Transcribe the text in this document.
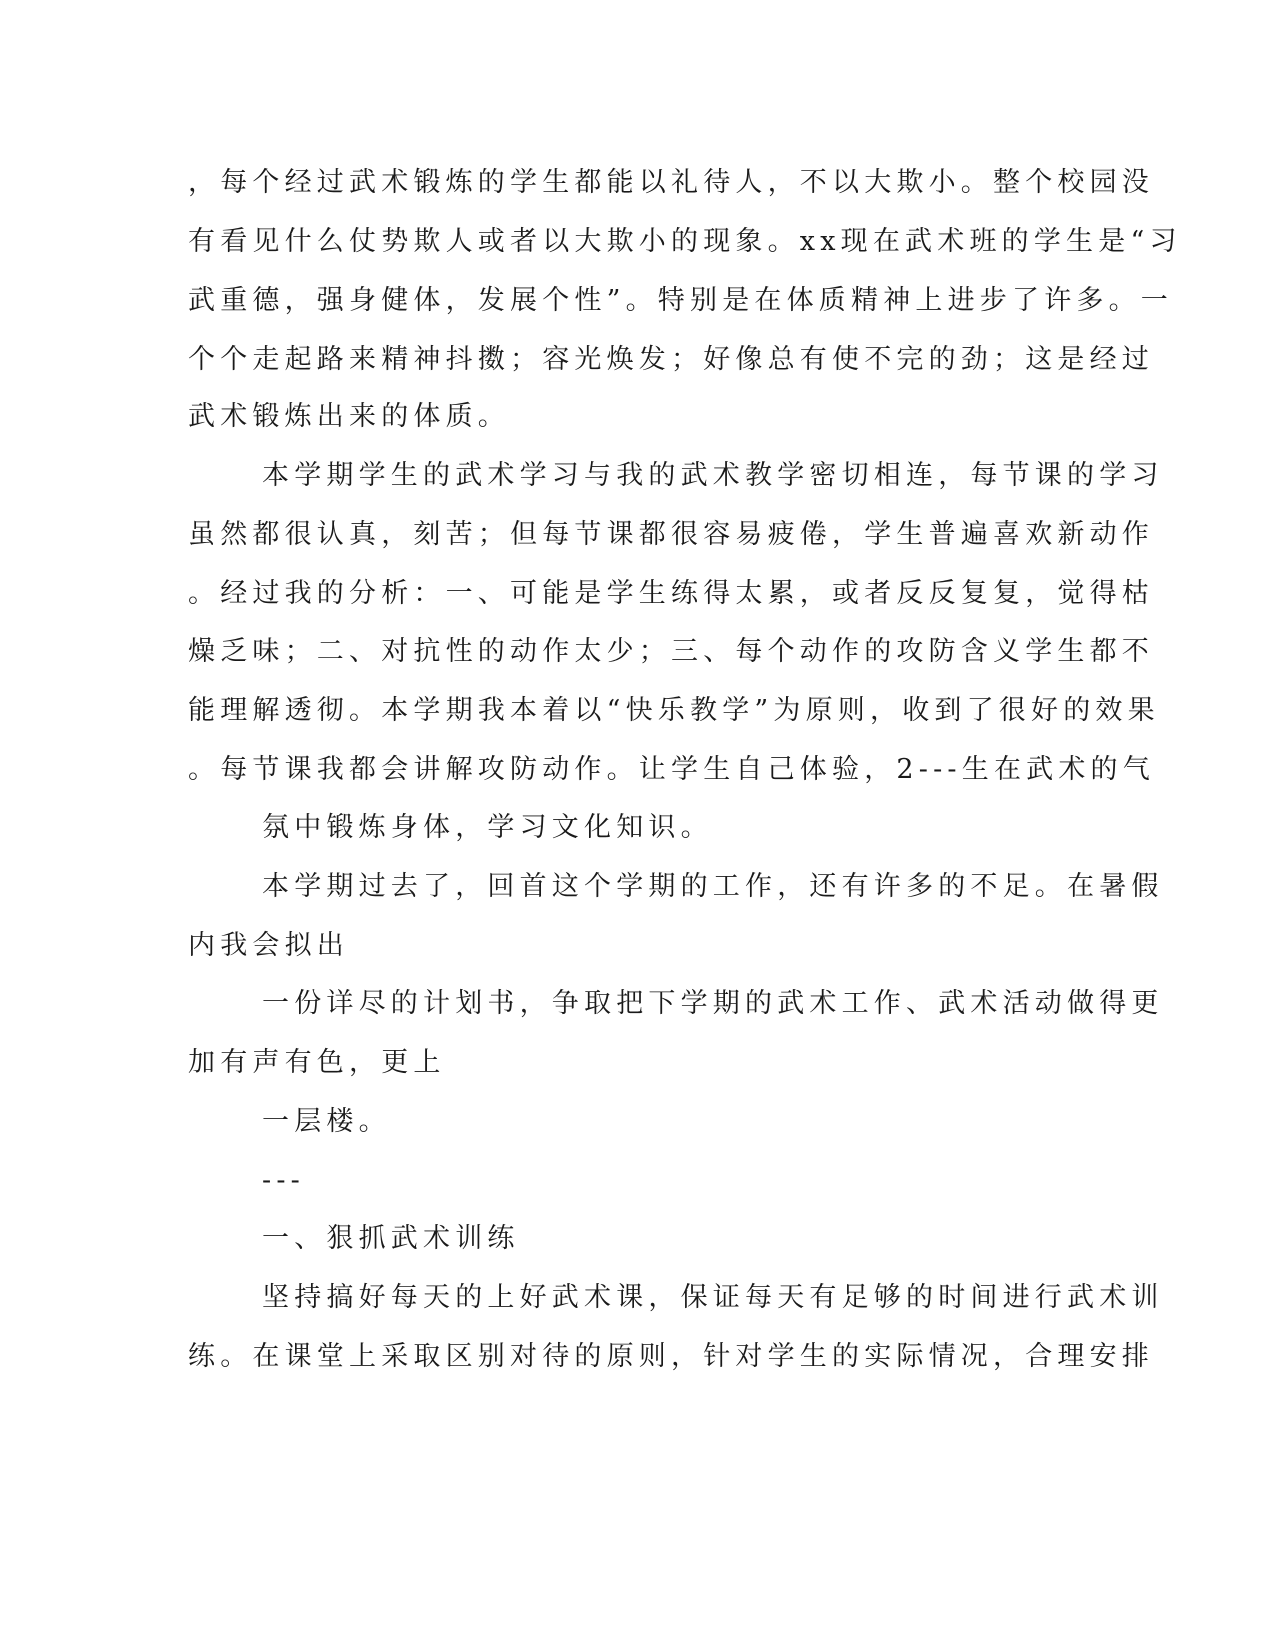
，每个经过武术锻炼的学生都能以礼待人，不以大欺小。整个校园没
有看见什么仗势欺人或者以大欺小的现象。xx现在武术班的学生是“习
武重德，强身健体，发展个性”。特别是在体质精神上进步了许多。一
个个走起路来精神抖擞；容光焕发；好像总有使不完的劲；这是经过
武术锻炼出来的体质。
本学期学生的武术学习与我的武术教学密切相连，每节课的学习
虽然都很认真，刻苦；但每节课都很容易疲倦，学生普遍喜欢新动作
。经过我的分析：一、可能是学生练得太累，或者反反复复，觉得枯
燥乏味；二、对抗性的动作太少；三、每个动作的攻防含义学生都不
能理解透彻。本学期我本着以“快乐教学”为原则，收到了很好的效果
。每节课我都会讲解攻防动作。让学生自己体验，2---生在武术的气
氛中锻炼身体，学习文化知识。
本学期过去了，回首这个学期的工作，还有许多的不足。在暑假
内我会拟出
一份详尽的计划书，争取把下学期的武术工作、武术活动做得更
加有声有色，更上
一层楼。
---
一、狠抓武术训练
坚持搞好每天的上好武术课，保证每天有足够的时间进行武术训
练。在课堂上采取区别对待的原则，针对学生的实际情况，合理安排
